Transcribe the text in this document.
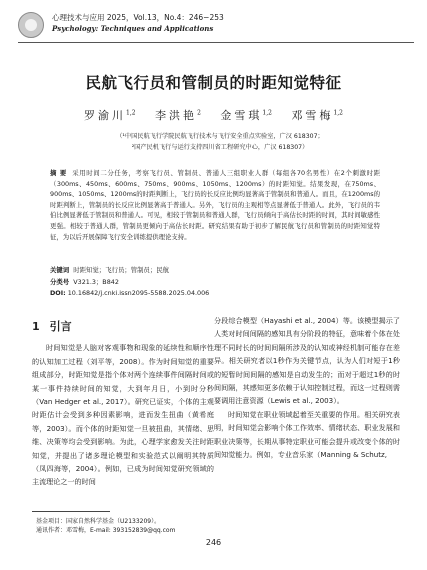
心理技术与应用 2025，Vol.13，No.4：246−253
Psychology: Techniques and Applications
民航飞行员和管制员的时距知觉特征
罗渝川$^{1,2}$ 李洪艳$^2$ 金雪琪$^{1,2}$ 邓雪梅$^{1,2}$
（¹中国民航飞行学院民航飞行技术与飞行安全重点实验室，广汉 618307；
²国产民机飞行与运行支持四川省工程研究中心，广汉 618307）
摘 要 采用时间二分任务，考察飞行员、管制员、普通人三组职业人群（每组各70名男性）在2个刺激时距（300ms、450ms、600ms、750ms、900ms、1050ms、1200ms）的时距知觉。结果发现，在750ms、900ms、1050ms、1200ms的时距判断上，飞行员的长反应比例均显著高于管制员和普通人。而且，在1200ms的时距判断上，管制员的长反应比例显著高于普通人。另外，飞行员的主观相等点显著低于普通人。此外，飞行员的韦伯比例显著低于管制员和普通人。可见，相较于管制员和普通人群，飞行员倾向于高估长时距的时间，其时间敏感性更强。相较于普通人群，管制员更倾向于高估长时距。研究结果有助于初步了解民航飞行员和管制员的时距知觉特征，为以后开展保障飞行安全训练提供理论支持。
关键词 时距知觉；飞行员；管制员；民航
分类号 V321.3；B842
DOI: 10.16842/j.cnki.issn2095-5588.2025.04.006
1 引言

时间知觉是人脑对客观事物和现象的延续性和顺序性的认知加工过程（刘平等，2008）。作为时间知觉的重要组成部分，时距知觉是指个体对两个连续事件间隔时间或某一事件持续时间的知觉，大到年月日，小到时分秒（Van Hedger et al., 2017）。研究已证实，个体的主观时距估计会受到多种因素影响，进而发生扭曲（黄希庭等，2003）。而个体的时距知觉一旦被扭曲，其情绪、思维、决策等均会受到影响。为此，心理学家愈发关注时距知觉，并提出了诸多理论模型和实验范式以阐明其特质（凤四海等，2004）。例如，已成为时间知觉研究领域的主流理论之一的时间

分段综合模型（Hayashi et al., 2004）等。该模型揭示了人类对时间间隔的感知具有分阶段的特征，意味着个体在处理不同时长的时间间隔所涉及的认知或神经机制可能存在差异。相关研究者以1秒作为关键节点，认为人们对短于1秒的短暂时间间隔的感知是自动发生的；而对于超过1秒的时间间隔，其感知更多依赖于认知控制过程，而这一过程则需要调用注意资源（Lewis et al., 2003）。

时间知觉在职业领域起着至关重要的作用。相关研究表明，时间知觉会影响个体工作效率、情绪状态、职业发展和职业决策等，长期从事特定职业可能会提升或改变个体的时间知觉能力。例如，专业音乐家（Manning & Schutz,

基金项目：国家自然科学基金（U2133209）。
通讯作者：邓雪梅，E-mail: 393152839@qq.com
246
